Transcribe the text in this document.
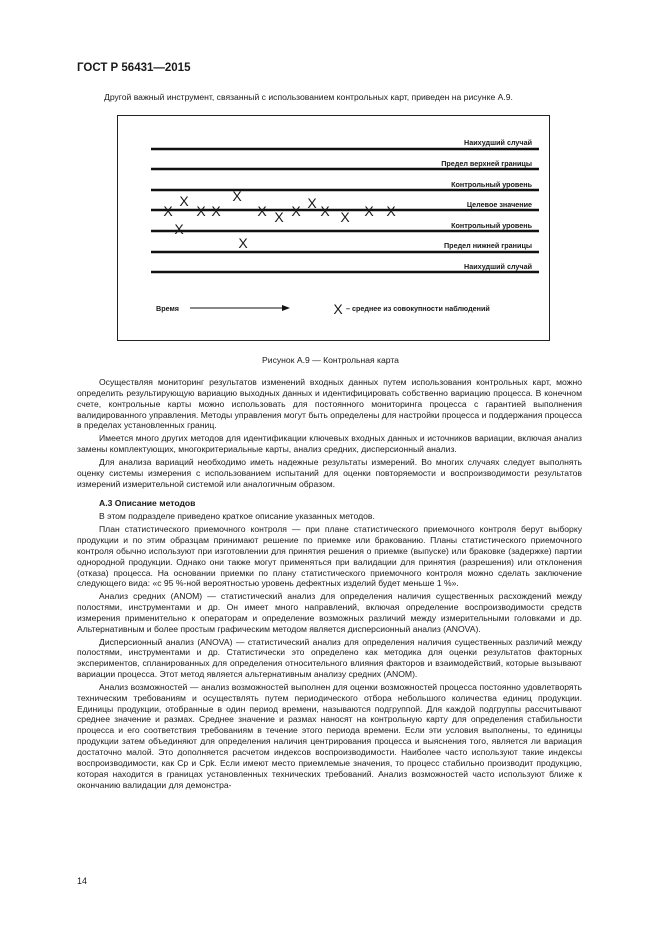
ГОСТ Р 56431—2015
Другой важный инструмент, связанный с использованием контрольных карт, приведен на рисунке А.9.
Наихудший случай
Предел верхней границы
Контрольный уровень
Целевое значение
Контрольный уровень
Предел нижней границы
Наихудший случай
X
X
X
X X
X
X
X X X X X X X X
Время	X – среднее из совокупности наблюдений
Рисунок А.9 — Контрольная карта

Осуществляя мониторинг результатов изменений входных данных путем использования контрольных карт, можно определить результирующую вариацию выходных данных и идентифицировать собственно вариацию процесса. В конечном счете, контрольные карты можно использовать для постоянного мониторинга процесса с гарантией выполнения валидированного управления. Методы управления могут быть определены для настройки процесса и поддержания процесса в пределах установленных границ.

Имеется много других методов для идентификации ключевых входных данных и источников вариации, включая анализ замены комплектующих, многокритериальные карты, анализ средних, дисперсионный анализ.

Для анализа вариаций необходимо иметь надежные результаты измерений. Во многих случаях следует выполнять оценку системы измерения с использованием испытаний для оценки повторяемости и воспроизводимости результатов измерений измерительной системой или аналогичным образом.

А.3 Описание методов

В этом подразделе приведено краткое описание указанных методов.

План статистического приемочного контроля — при плане статистического приемочного контроля берут выборку продукции и по этим образцам принимают решение по приемке или бракованию. Планы статистического приемочного контроля обычно используют при изготовлении для принятия решения о приемке (выпуске) или браковке (задержке) партии однородной продукции. Однако они также могут применяться при валидации для принятия (разрешения) или отклонения (отказа) процесса. На основании приемки по плану статистического приемочного контроля можно сделать заключение следующего вида: «с 95 %-ной вероятностью уровень дефектных изделий будет меньше 1 %».

Анализ средних (ANOM) — статистический анализ для определения наличия существенных расхождений между полостями, инструментами и др. Он имеет много направлений, включая определение воспроизводимости средств измерения применительно к операторам и определение возможных различий между измерительными головками и др. Альтернативным и более простым графическим методом является дисперсионный анализ (ANOVA).

Дисперсионный анализ (ANOVA) — статистический анализ для определения наличия существенных различий между полостями, инструментами и др. Статистически это определено как методика для оценки результатов факторных экспериментов, спланированных для определения относительного влияния факторов и взаимодействий, которые вызывают вариации процесса. Этот метод является альтернативным анализу средних (ANOM).

Анализ возможностей — анализ возможностей выполнен для оценки возможностей процесса постоянно удовлетворять техническим требованиям и осуществлять путем периодического отбора небольшого количества единиц продукции. Единицы продукции, отобранные в один период времени, называются подгруппой. Для каждой подгруппы рассчитывают среднее значение и размах. Среднее значение и размах наносят на контрольную карту для определения стабильности процесса и его соответствия требованиям в течение этого периода времени. Если эти условия выполнены, то единицы продукции затем объединяют для определения наличия центрирования процесса и выяснения того, является ли вариация достаточно малой. Это дополняется расчетом индексов воспроизводимости. Наиболее часто используют такие индексы воспроизводимости, как Cp и Cpk. Если имеют место приемлемые значения, то процесс стабильно производит продукцию, которая находится в границах установленных технических требований. Анализ возможностей часто используют ближе к окончанию валидации для демонстра-

14
